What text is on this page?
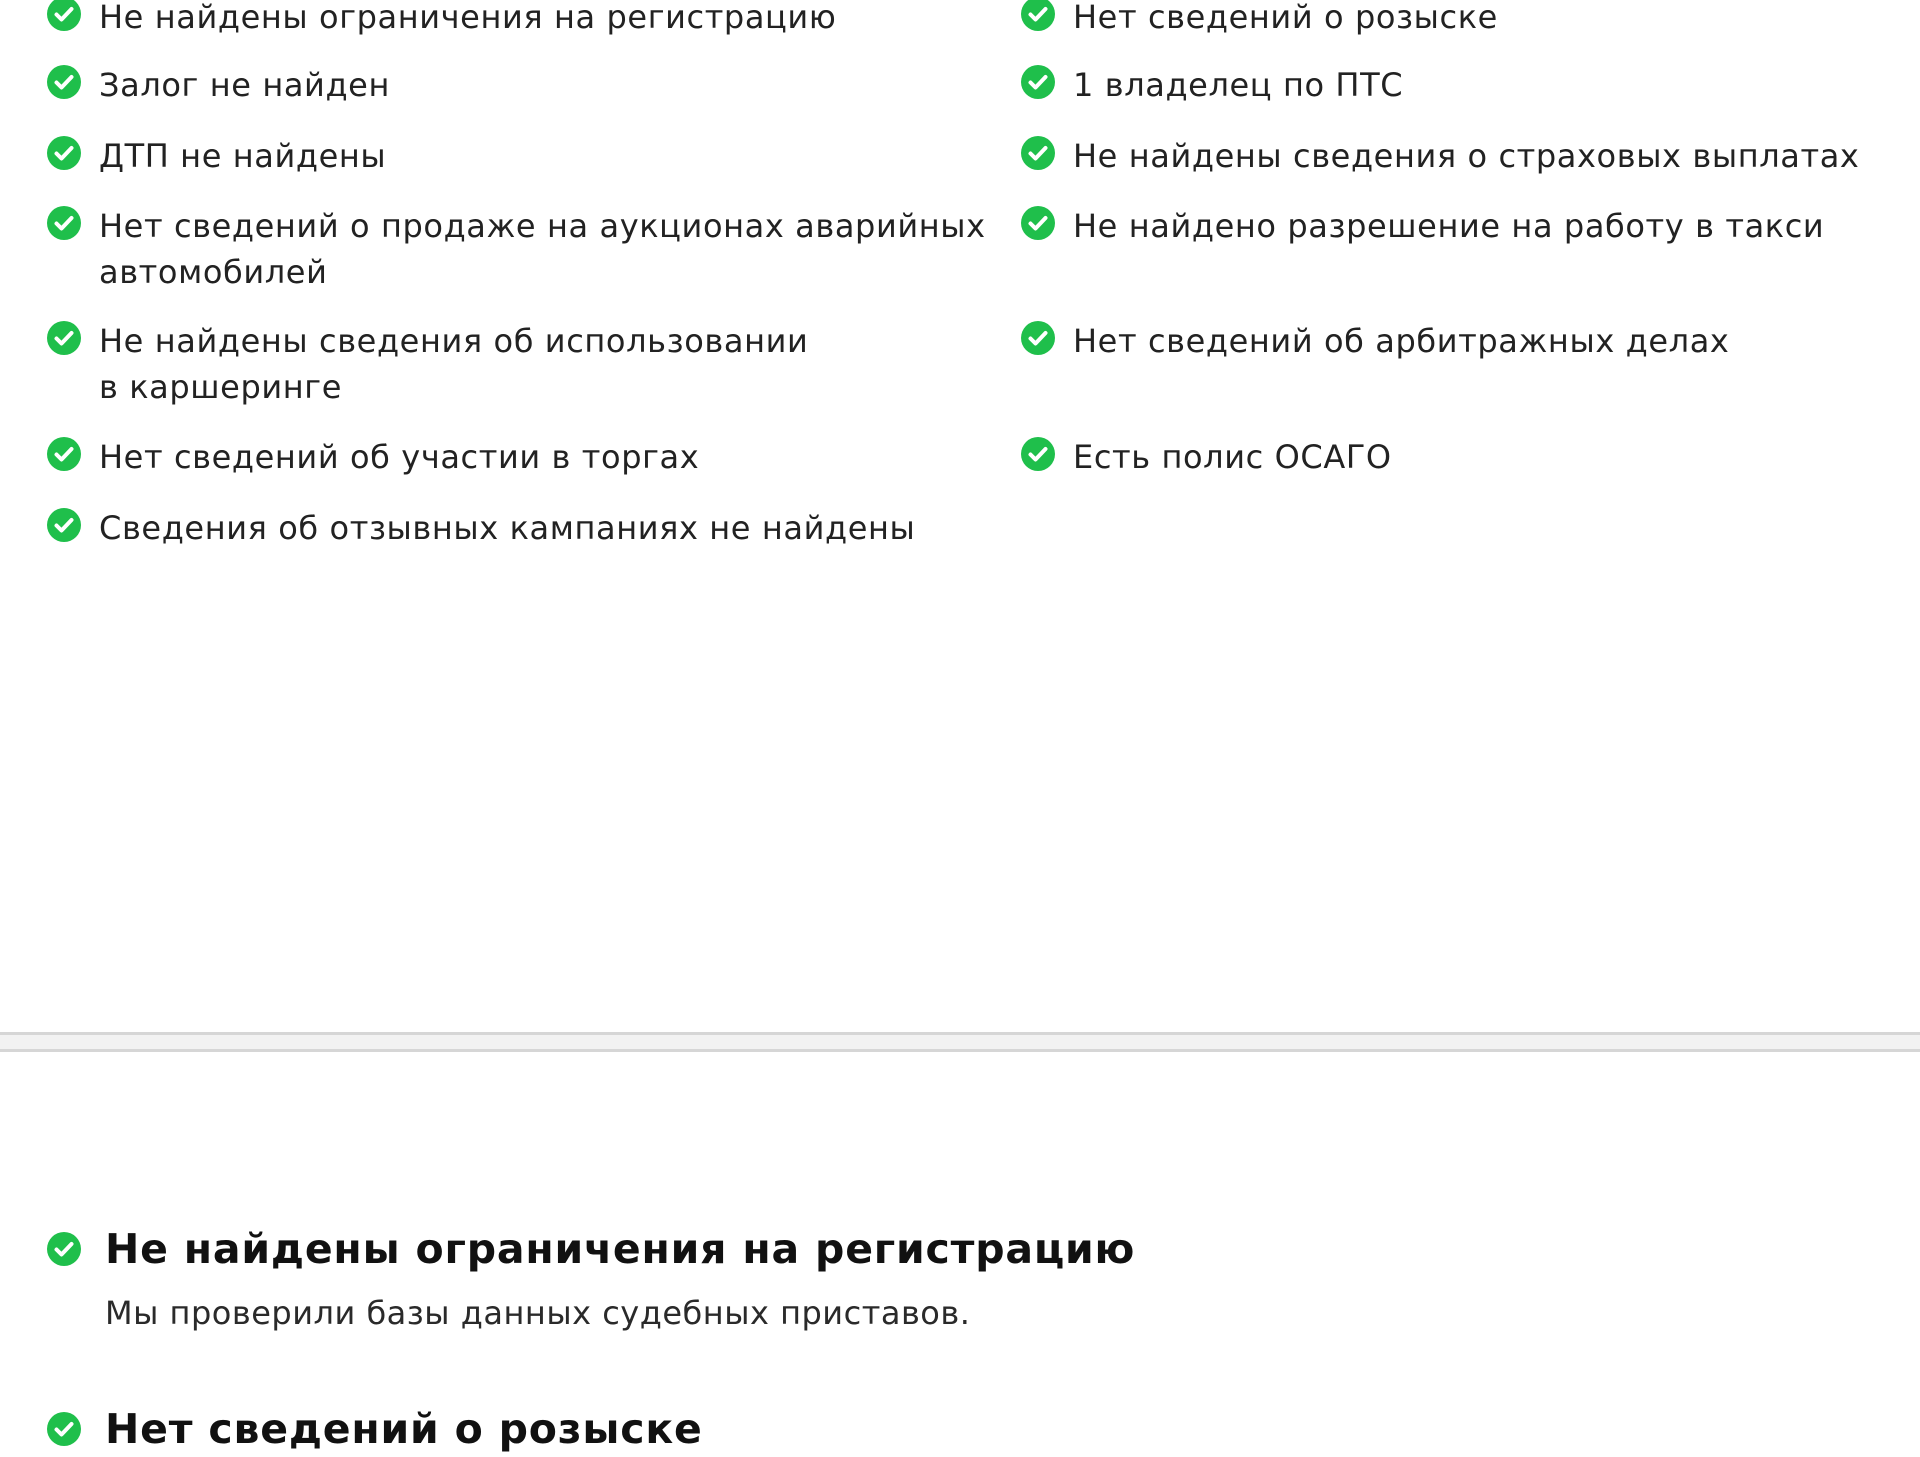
Не найдены ограничения на регистрацию
Залог не найден
ДТП не найдены
Нет сведений о продаже на аукционах аварийных
автомобилей
Не найдены сведения об использовании
в каршеринге
Нет сведений об участии в торгах
Сведения об отзывных кампаниях не найдены
Нет сведений о розыске
1 владелец по ПТС
Не найдены сведения о страховых выплатах
Не найдено разрешение на работу в такси
Нет сведений об арбитражных делах
Есть полис ОСАГО
Не найдены ограничения на регистрацию
Мы проверили базы данных судебных приставов.
Нет сведений о розыске
